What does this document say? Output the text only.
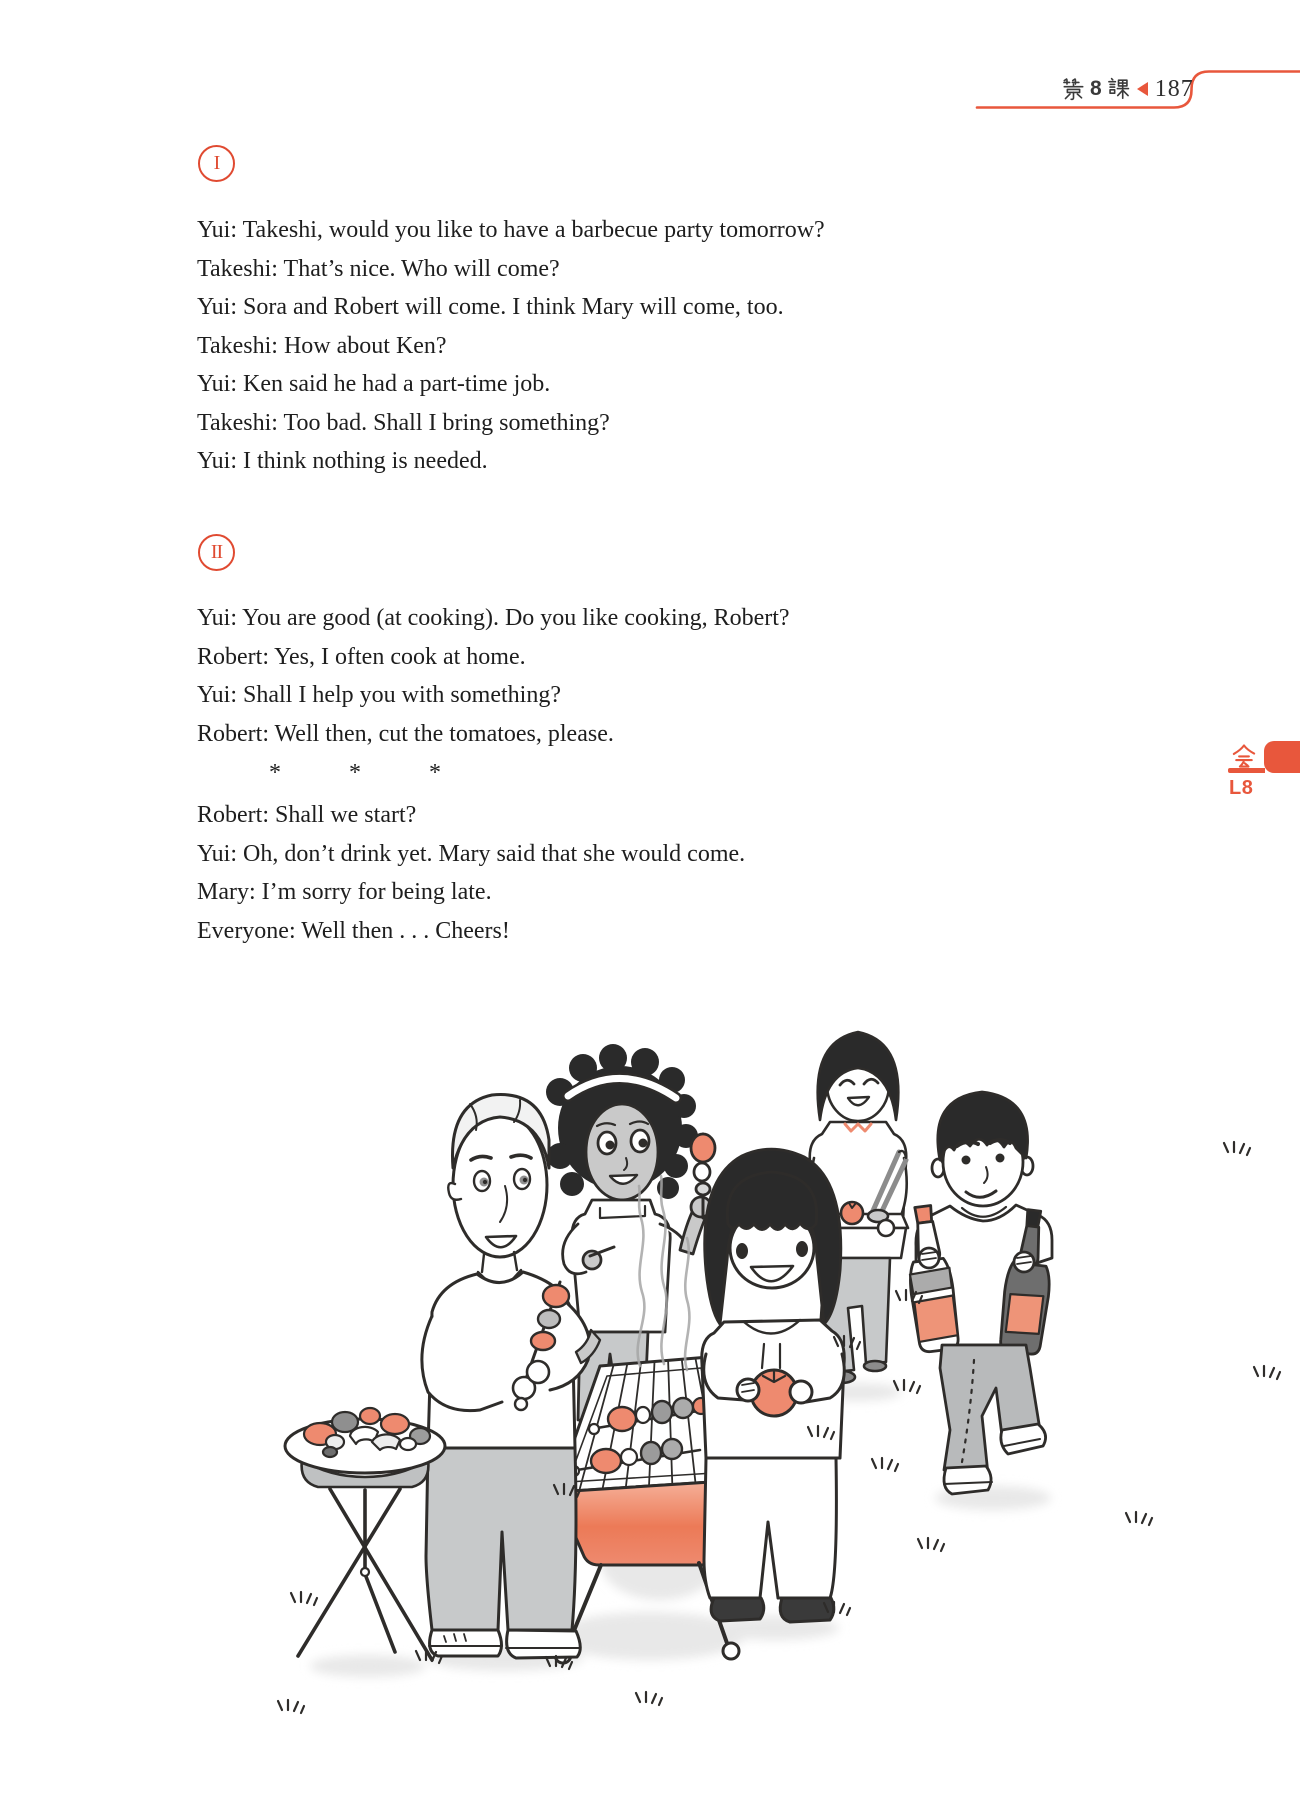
8 187
I
Yui: Takeshi, would you like to have a barbecue party tomorrow?
Takeshi: That’s nice. Who will come?
Yui: Sora and Robert will come. I think Mary will come, too.
Takeshi: How about Ken?
Yui: Ken said he had a part-time job.
Takeshi: Too bad. Shall I bring something?
Yui: I think nothing is needed.
II
Yui: You are good (at cooking). Do you like cooking, Robert?
Robert: Yes, I often cook at home.
Yui: Shall I help you with something?
Robert: Well then, cut the tomatoes, please.
*	*	*
Robert: Shall we start?
Yui: Oh, don’t drink yet. Mary said that she would come.
Mary: I’m sorry for being late.
Everyone: Well then . . . Cheers!
L8
